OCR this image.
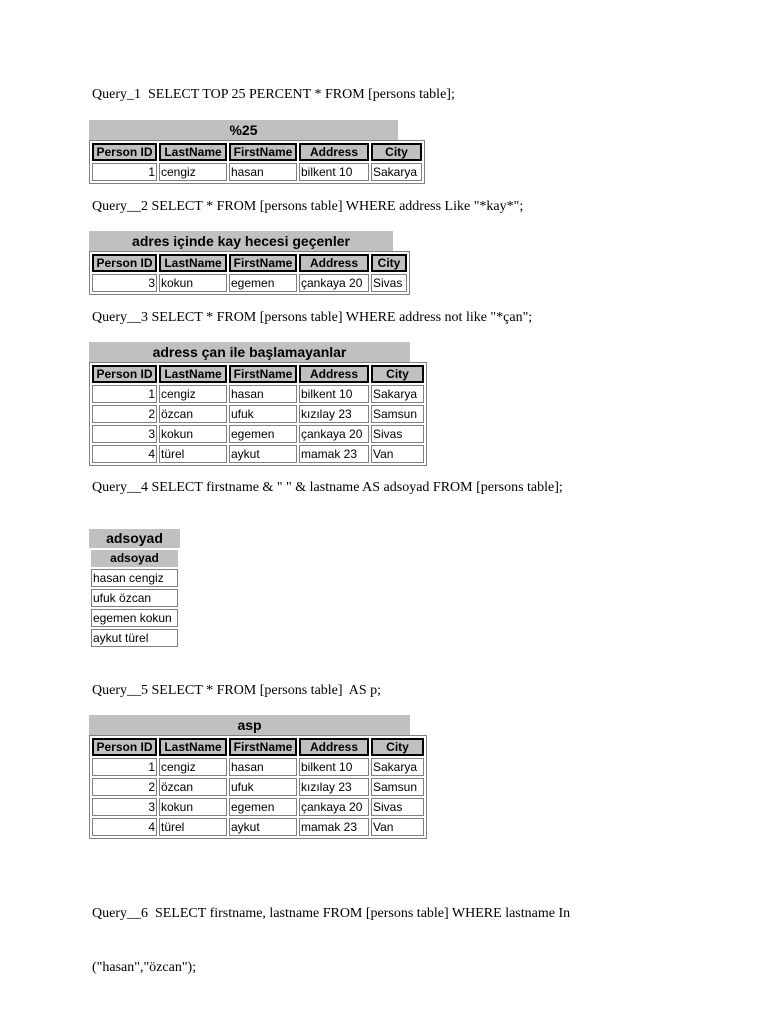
Query_1  SELECT TOP 25 PERCENT * FROM [persons table];
%25
Person ID	LastName	FirstName	Address	City
1	cengiz	hasan	bilkent 10	Sakarya
Query__2 SELECT * FROM [persons table] WHERE address Like "*kay*";
adres içinde kay hecesi geçenler
Person ID	LastName	FirstName	Address	City
3	kokun	egemen	çankaya 20	Sivas
Query__3 SELECT * FROM [persons table] WHERE address not like "*çan";
adress çan ile başlamayanlar
Person ID	LastName	FirstName	Address	City
1	cengiz	hasan	bilkent 10	Sakarya
2	özcan	ufuk	kızılay 23	Samsun
3	kokun	egemen	çankaya 20	Sivas
4	türel	aykut	mamak 23	Van
Query__4 SELECT firstname & " " & lastname AS adsoyad FROM [persons table];
adsoyad
adsoyad
hasan cengiz
ufuk özcan
egemen kokun
aykut türel
Query__5 SELECT * FROM [persons table]  AS p;
asp
Person ID	LastName	FirstName	Address	City
1	cengiz	hasan	bilkent 10	Sakarya
2	özcan	ufuk	kızılay 23	Samsun
3	kokun	egemen	çankaya 20	Sivas
4	türel	aykut	mamak 23	Van

Query__6  SELECT firstname, lastname FROM [persons table] WHERE lastname In

("hasan","özcan");
